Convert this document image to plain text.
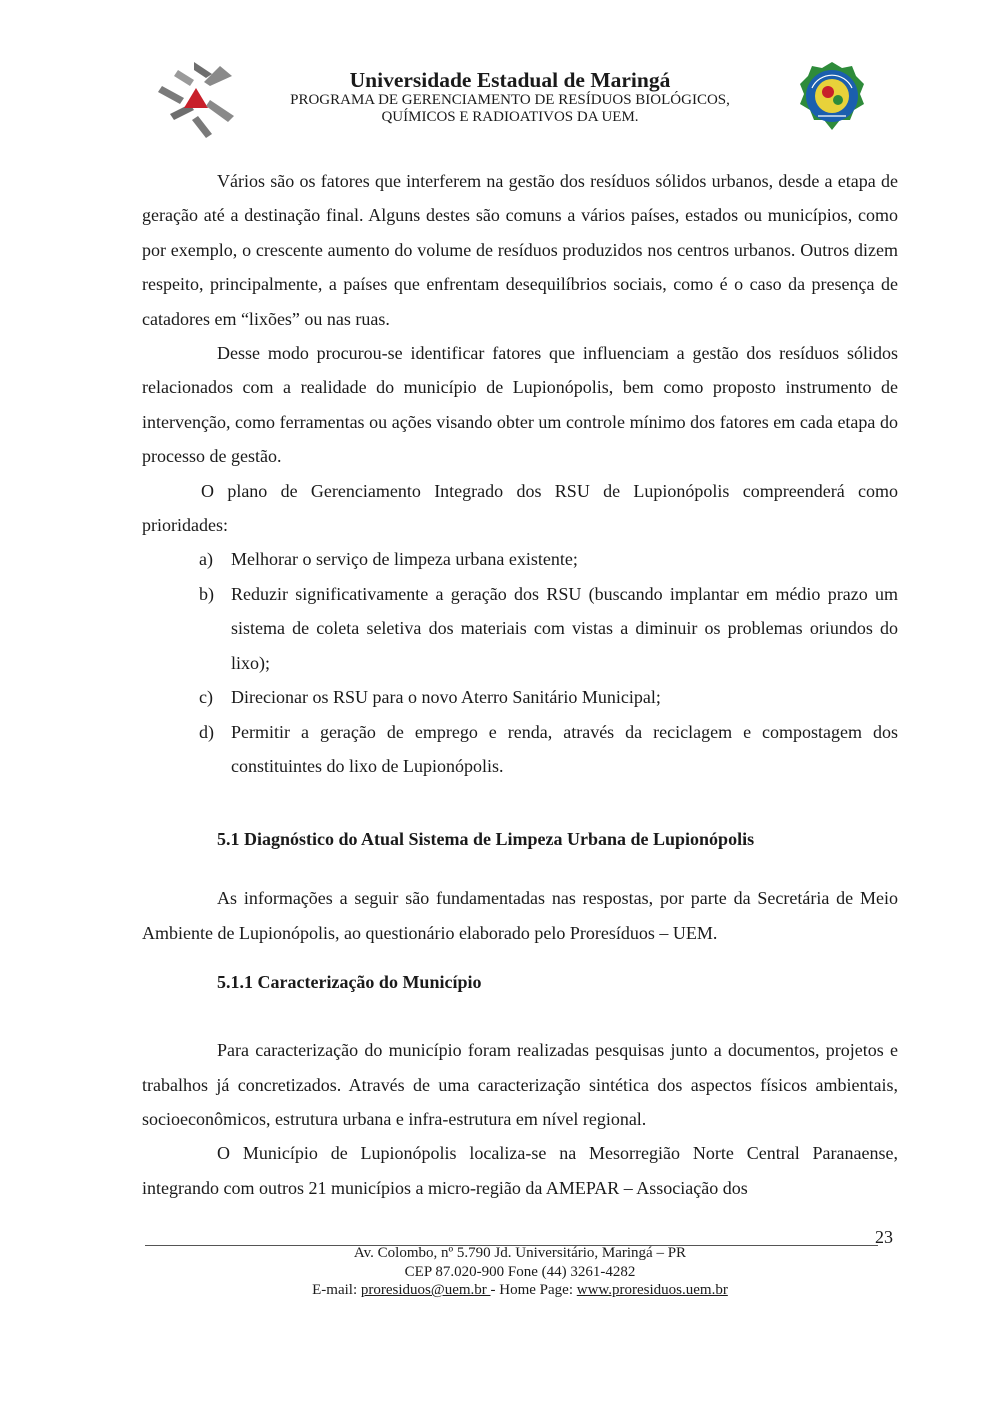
Universidade Estadual de Maringá
PROGRAMA DE GERENCIAMENTO DE RESÍDUOS BIOLÓGICOS,
QUÍMICOS E RADIOATIVOS DA UEM.

Vários são os fatores que interferem na gestão dos resíduos sólidos urbanos, desde a etapa de geração até a destinação final. Alguns destes são comuns a vários países, estados ou municípios, como por exemplo, o crescente aumento do volume de resíduos produzidos nos centros urbanos. Outros dizem respeito, principalmente, a países que enfrentam desequilíbrios sociais, como é o caso da presença de catadores em “lixões” ou nas ruas.

Desse modo procurou-se identificar fatores que influenciam a gestão dos resíduos sólidos relacionados com a realidade do município de Lupionópolis, bem como proposto instrumento de intervenção, como ferramentas ou ações visando obter um controle mínimo dos fatores em cada etapa do processo de gestão.

O plano de Gerenciamento Integrado dos RSU de Lupionópolis compreenderá como prioridades:

a) Melhorar o serviço de limpeza urbana existente;
b) Reduzir significativamente a geração dos RSU (buscando implantar em médio prazo um sistema de coleta seletiva dos materiais com vistas a diminuir os problemas oriundos do lixo);
c) Direcionar os RSU para o novo Aterro Sanitário Municipal;
d) Permitir a geração de emprego e renda, através da reciclagem e compostagem dos constituintes do lixo de Lupionópolis.
5.1 Diagnóstico do Atual Sistema de Limpeza Urbana de Lupionópolis

As informações a seguir são fundamentadas nas respostas, por parte da Secretária de Meio Ambiente de Lupionópolis, ao questionário elaborado pelo Proresíduos – UEM.

5.1.1 Caracterização do Município

Para caracterização do município foram realizadas pesquisas junto a documentos, projetos e trabalhos já concretizados. Através de uma caracterização sintética dos aspectos físicos ambientais, socioeconômicos, estrutura urbana e infra-estrutura em nível regional.

O Município de Lupionópolis localiza-se na Mesorregião Norte Central Paranaense, integrando com outros 21 municípios a micro-região da AMEPAR – Associação dos

23
Av. Colombo, nº 5.790 Jd. Universitário, Maringá – PR
CEP 87.020-900 Fone (44) 3261-4282
E-mail: proresiduos@uem.br - Home Page: www.proresiduos.uem.br
